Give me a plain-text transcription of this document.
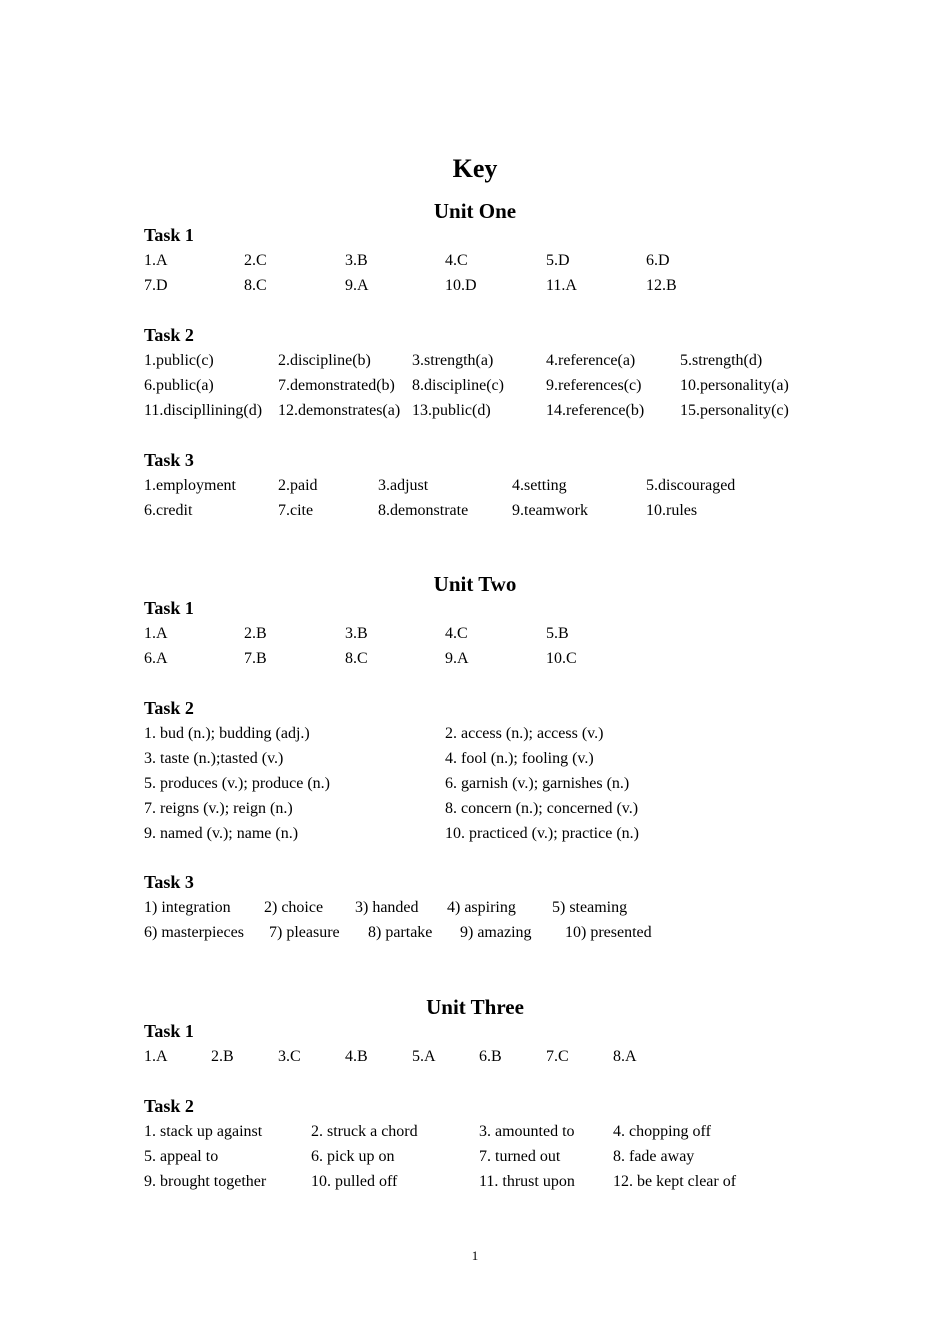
Key
Unit One
Task 1
1.A	2.C	3.B	4.C	5.D	6.D
7.D	8.C	9.A	10.D	11.A	12.B
Task 2
1.public(c)	2.discipline(b)	3.strength(a)	4.reference(a)	5.strength(d)
6.public(a)	7.demonstrated(b) 8.discipline(c)	9.references(c) 10.personality(a)
11.discipllining(d) 12.demonstrates(a) 13.public(d)	14.reference(b) 15.personality(c)
Task 3
1.employment	2.paid	3.adjust	4.setting	5.discouraged
6.credit	7.cite	8.demonstrate	9.teamwork	10.rules
Unit Two
Task 1
1.A	2.B	3.B	4.C	5.B
6.A	7.B	8.C	9.A	10.C
Task 2
1. bud (n.); budding (adj.)	2. access (n.); access (v.)
3. taste (n.);tasted (v.)	4. fool (n.); fooling (v.)
5. produces (v.); produce (n.)	6. garnish (v.); garnishes (n.)
7. reigns (v.); reign (n.)	8. concern (n.); concerned (v.)
9. named (v.); name (n.)	10. practiced (v.); practice (n.)
Task 3
1) integration 2) choice 3) handed 4) aspiring 5) steaming
6) masterpieces 7) pleasure 8) partake 9) amazing 10) presented
Unit Three
Task 1
1.A	2.B	3.C	4.B	5.A	6.B	7.C	8.A
Task 2
1. stack up against	2. struck a chord	3. amounted to 4. chopping off
5. appeal to	6. pick up on	7. turned out	8. fade away
9. brought together	10. pulled off	11. thrust upon 12. be kept clear of
1
